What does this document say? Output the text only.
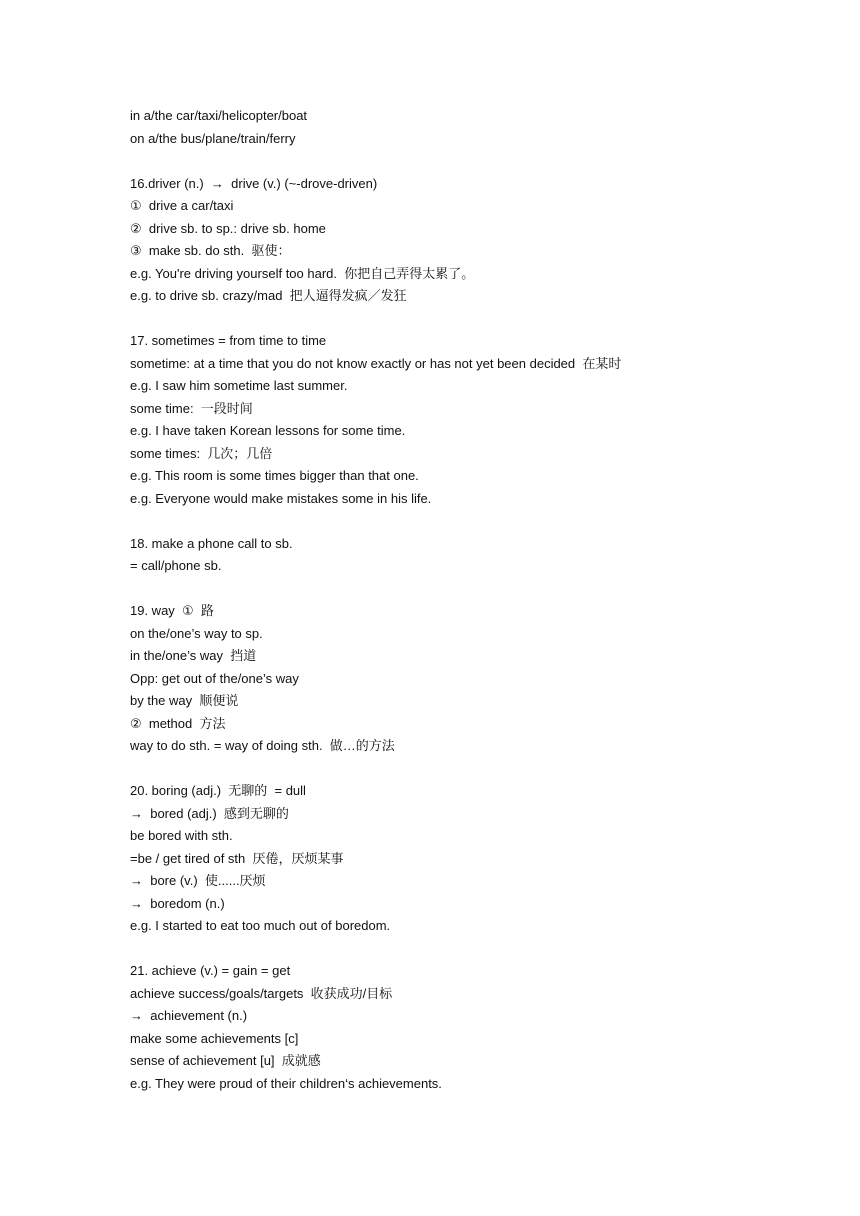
in a/the car/taxi/helicopter/boat
on a/the bus/plane/train/ferry
16.driver (n.)  →  drive (v.) (~-drove-driven)
①  drive a car/taxi
②  drive sb. to sp.: drive sb. home
③  make sb. do sth.  驱使：
e.g. You're driving yourself too hard.  你把自己弄得太累了。
e.g. to drive sb. crazy/mad  把人逼得发疯／发狂
17. sometimes = from time to time
sometime: at a time that you do not know exactly or has not yet been decided  在某时
e.g. I saw him sometime last summer.
some time:  一段时间
e.g. I have taken Korean lessons for some time.
some times:  几次；几倍
e.g. This room is some times bigger than that one.
e.g. Everyone would make mistakes some in his life.
18. make a phone call to sb.
= call/phone sb.
19. way  ①  路
on the/one’s way to sp.
in the/one’s way  挡道
Opp: get out of the/one’s way
by the way  顺便说
②  method  方法
way to do sth. = way of doing sth.  做…的方法
20. boring (adj.)  无聊的  = dull
→  bored (adj.)  感到无聊的
be bored with sth.
=be / get tired of sth  厌倦，厌烦某事
→  bore (v.)  使......厌烦
→  boredom (n.)
e.g. I started to eat too much out of boredom.
21. achieve (v.) = gain = get
achieve success/goals/targets  收获成功/目标
→  achievement (n.)
make some achievements [c]
sense of achievement [u]  成就感
e.g. They were proud of their children‘s achievements.
